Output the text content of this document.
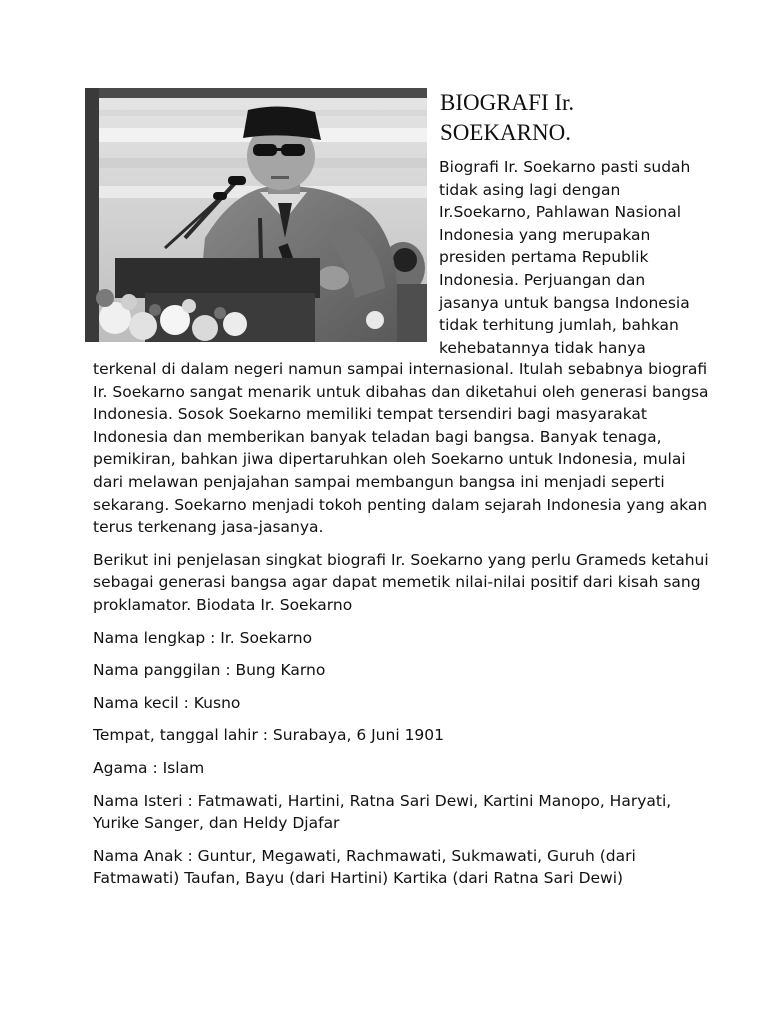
BIOGRAFI Ir.
SOEKARNO.
Biografi Ir. Soekarno pasti sudah
tidak asing lagi dengan
Ir.Soekarno, Pahlawan Nasional
Indonesia yang merupakan
presiden pertama Republik
Indonesia. Perjuangan dan
jasanya untuk bangsa Indonesia
tidak terhitung jumlah, bahkan
kehebatannya tidak hanya
terkenal di dalam negeri namun sampai internasional. Itulah sebabnya biografi
Ir. Soekarno sangat menarik untuk dibahas dan diketahui oleh generasi bangsa
Indonesia. Sosok Soekarno memiliki tempat tersendiri bagi masyarakat
Indonesia dan memberikan banyak teladan bagi bangsa. Banyak tenaga,
pemikiran, bahkan jiwa dipertaruhkan oleh Soekarno untuk Indonesia, mulai
dari melawan penjajahan sampai membangun bangsa ini menjadi seperti
sekarang. Soekarno menjadi tokoh penting dalam sejarah Indonesia yang akan
terus terkenang jasa-jasanya.
Berikut ini penjelasan singkat biografi Ir. Soekarno yang perlu Grameds ketahui
sebagai generasi bangsa agar dapat memetik nilai-nilai positif dari kisah sang
proklamator. Biodata Ir. Soekarno
Nama lengkap : Ir. Soekarno
Nama panggilan : Bung Karno
Nama kecil : Kusno
Tempat, tanggal lahir : Surabaya, 6 Juni 1901
Agama : Islam
Nama Isteri : Fatmawati, Hartini, Ratna Sari Dewi, Kartini Manopo, Haryati,
Yurike Sanger, dan Heldy Djafar
Nama Anak : Guntur, Megawati, Rachmawati, Sukmawati, Guruh (dari
Fatmawati) Taufan, Bayu (dari Hartini) Kartika (dari Ratna Sari Dewi)
